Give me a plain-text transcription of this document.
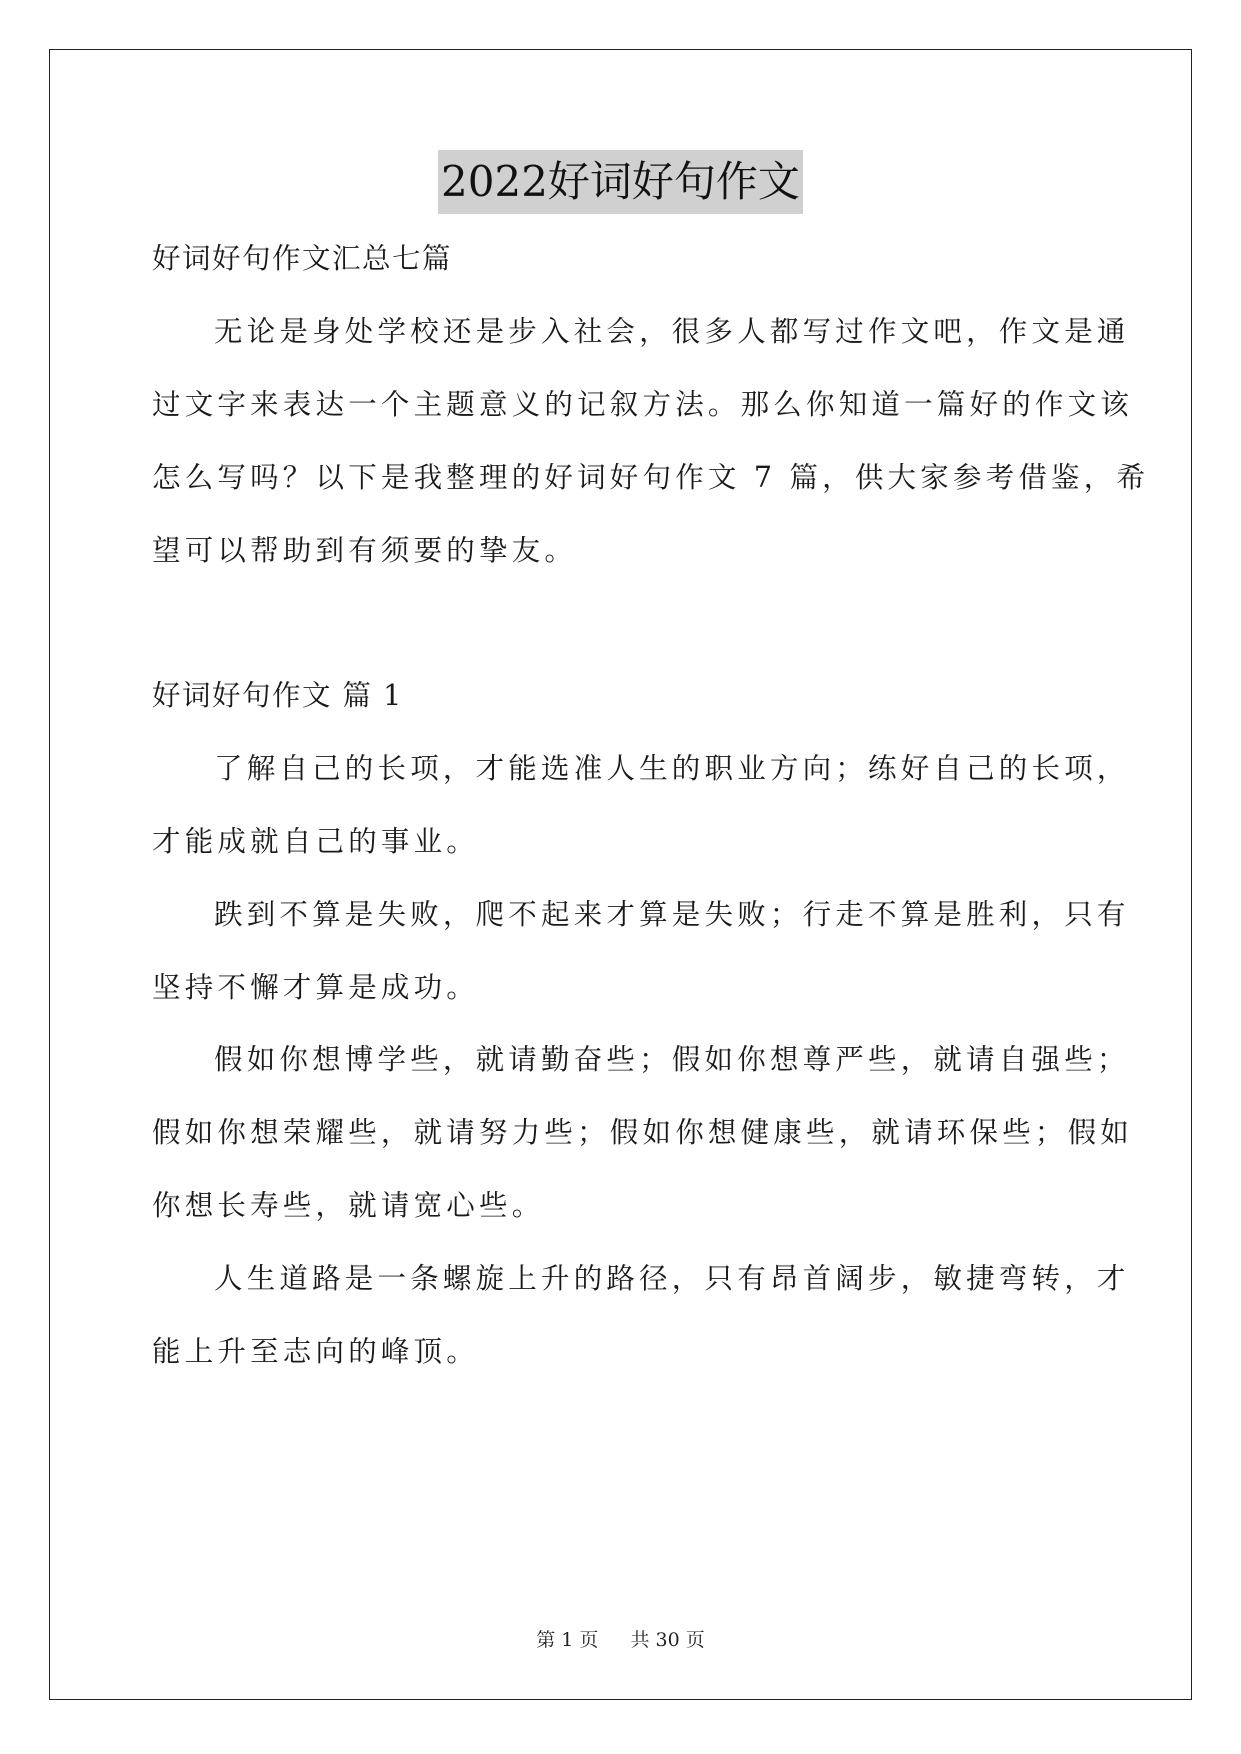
2022好词好句作文
好词好句作文汇总七篇
无论是身处学校还是步入社会，很多人都写过作文吧，作文是通
过文字来表达一个主题意义的记叙方法。那么你知道一篇好的作文该
怎么写吗？以下是我整理的好词好句作文 7 篇，供大家参考借鉴，希
望可以帮助到有须要的挚友。
好词好句作文 篇 1
了解自己的长项，才能选准人生的职业方向；练好自己的长项，
才能成就自己的事业。
跌到不算是失败，爬不起来才算是失败；行走不算是胜利，只有
坚持不懈才算是成功。
假如你想博学些，就请勤奋些；假如你想尊严些，就请自强些；
假如你想荣耀些，就请努力些；假如你想健康些，就请环保些；假如
你想长寿些，就请宽心些。
人生道路是一条螺旋上升的路径，只有昂首阔步，敏捷弯转，才
能上升至志向的峰顶。
第 1 页 共 30 页
